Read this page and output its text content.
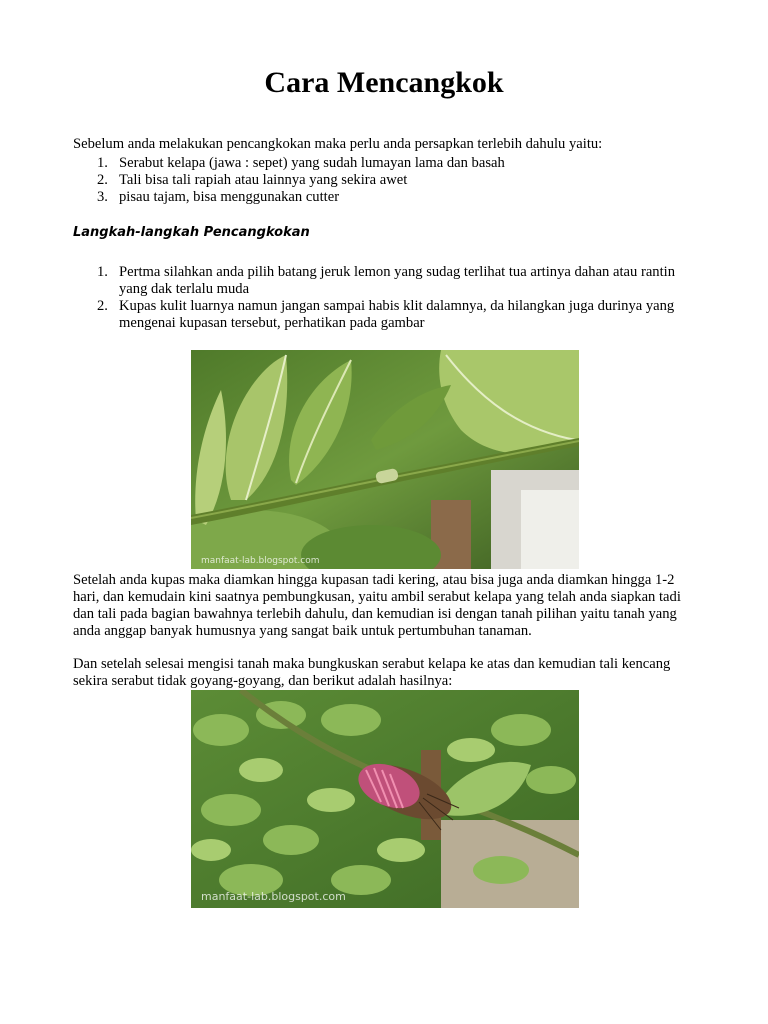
Cara Mencangkok

Sebelum anda melakukan pencangkokan maka perlu anda persapkan terlebih dahulu yaitu:

1. Serabut kelapa (jawa : sepet) yang sudah lumayan lama dan basah
2. Tali bisa tali rapiah atau lainnya yang sekira awet
3. pisau tajam, bisa menggunakan cutter

Langkah-langkah Pencangkokan

1. Pertma silahkan anda pilih batang jeruk lemon yang sudag terlihat tua artinya dahan atau rantin yang dak terlalu muda
2. Kupas kulit luarnya namun jangan sampai habis klit dalamnya, da hilangkan juga durinya yang mengenai kupasan tersebut, perhatikan pada gambar
manfaat-lab.blogspot.com

Setelah anda kupas maka diamkan hingga kupasan tadi kering, atau bisa juga anda diamkan hingga 1-2 hari, dan kemudain kini saatnya pembungkusan, yaitu ambil serabut kelapa yang telah anda siapkan tadi dan tali pada bagian bawahnya terlebih dahulu, dan kemudian isi dengan tanah pilihan yaitu tanah yang anda anggap banyak humusnya yang sangat baik untuk pertumbuhan tanaman.

Dan setelah selesai mengisi tanah maka bungkuskan serabut kelapa ke atas dan kemudian tali kencang sekira serabut tidak goyang-goyang, dan berikut adalah hasilnya:

manfaat-lab.blogspot.com
